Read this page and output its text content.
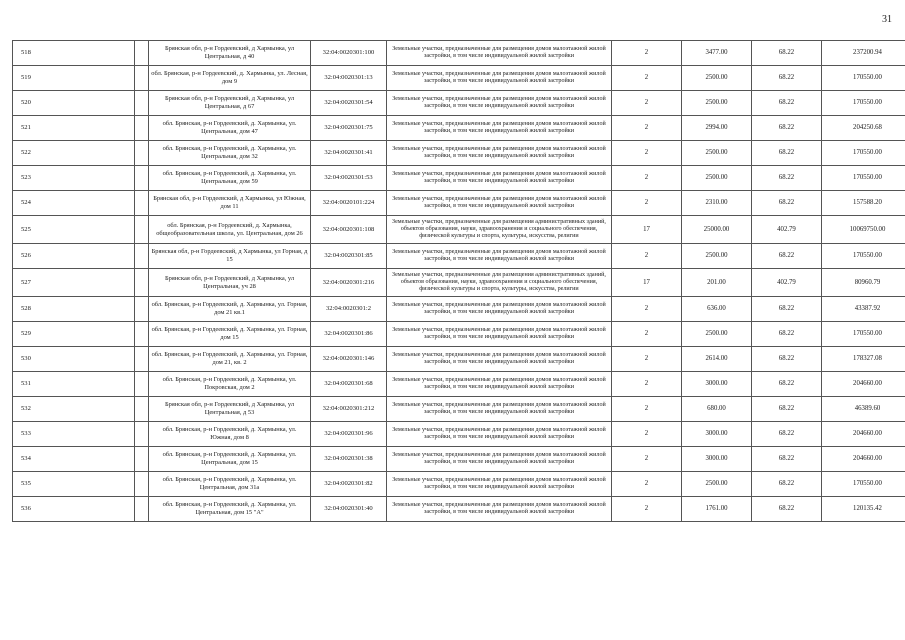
31
518		Брянская обл, р-н Гордеевский, д Хармынка, ул Центральная, д 40	32:04:0020301:100	Земельные участки, предназначенные для размещения домов малоэтажной жилой застройки, в том числе индивидуальной жилой застройки	2	3477.00	68.22	237200.94
519		обл. Брянская, р-н Гордеевский, д. Хармынка, ул. Лесная, дом 9	32:04:0020301:13	Земельные участки, предназначенные для размещения домов малоэтажной жилой застройки, в том числе индивидуальной жилой застройки	2	2500.00	68.22	170550.00
520		Брянская обл, р-н Гордеевский, д Хармынка, ул Центральная, д 67	32:04:0020301:54	Земельные участки, предназначенные для размещения домов малоэтажной жилой застройки, в том числе индивидуальной жилой застройки	2	2500.00	68.22	170550.00
521		обл. Брянская, р-н Гордеевский, д. Хармынка, ул. Центральная, дом 47	32:04:0020301:75	Земельные участки, предназначенные для размещения домов малоэтажной жилой застройки, в том числе индивидуальной жилой застройки	2	2994.00	68.22	204250.68
522		обл. Брянская, р-н Гордеевский, д. Хармынка, ул. Центральная, дом 32	32:04:0020301:41	Земельные участки, предназначенные для размещения домов малоэтажной жилой застройки, в том числе индивидуальной жилой застройки	2	2500.00	68.22	170550.00
523		обл. Брянская, р-н Гордеевский, д. Хармынка, ул. Центральная, дом 59	32:04:0020301:53	Земельные участки, предназначенные для размещения домов малоэтажной жилой застройки, в том числе индивидуальной жилой застройки	2	2500.00	68.22	170550.00
524		Брянская обл, р-н Гордеевский, д Хармынка, ул Южная, дом 11	32:04:0020101:224	Земельные участки, предназначенные для размещения домов малоэтажной жилой застройки, в том числе индивидуальной жилой застройки	2	2310.00	68.22	157588.20
525		обл. Брянская, р-н Гордеевский, д. Хармынка, общеобразовательная школа, ул. Центральная, дом 26	32:04:0020301:108	Земельные участки, предназначенные для размещения административных зданий, объектов образования, науки, здравоохранения и социального обеспечения, физической культуры и спорта, культуры, искусства, религии	17	25000.00	402.79	10069750.00
526		Брянская обл, р-н Гордеевский, д Хармынка, ул Горная, д 15	32:04:0020301:85	Земельные участки, предназначенные для размещения домов малоэтажной жилой застройки, в том числе индивидуальной жилой застройки	2	2500.00	68.22	170550.00
527		Брянская обл, р-н Гордеевский, д Хармынка, ул Центральная, уч 28	32:04:0020301:216	Земельные участки, предназначенные для размещения административных зданий, объектов образования, науки, здравоохранения и социального обеспечения, физической культуры и спорта, культуры, искусства, религии	17	201.00	402.79	80960.79
528		обл. Брянская, р-н Гордеевский, д. Хармынка, ул. Горная, дом 21 кв.1	32:04:0020301:2	Земельные участки, предназначенные для размещения домов малоэтажной жилой застройки, в том числе индивидуальной жилой застройки	2	636.00	68.22	43387.92
529		обл. Брянская, р-н Гордеевский, д. Хармынка, ул. Горная, дом 15	32:04:0020301:86	Земельные участки, предназначенные для размещения домов малоэтажной жилой застройки, в том числе индивидуальной жилой застройки	2	2500.00	68.22	170550.00
530		обл. Брянская, р-н Гордеевский, д. Хармынка, ул. Горная, дом 21, кв. 2	32:04:0020301:146	Земельные участки, предназначенные для размещения домов малоэтажной жилой застройки, в том числе индивидуальной жилой застройки	2	2614.00	68.22	178327.08
531		обл. Брянская, р-н Гордеевский, д. Хармынка, ул. Покровская, дом 2	32:04:0020301:68	Земельные участки, предназначенные для размещения домов малоэтажной жилой застройки, в том числе индивидуальной жилой застройки	2	3000.00	68.22	204660.00
532		Брянская обл, р-н Гордеевский, д Хармынка, ул Центральная, д 53	32:04:0020301:212	Земельные участки, предназначенные для размещения домов малоэтажной жилой застройки, в том числе индивидуальной жилой застройки	2	680.00	68.22	46389.60
533		обл. Брянская, р-н Гордеевский, д. Хармынка, ул. Южная, дом 8	32:04:0020301:96	Земельные участки, предназначенные для размещения домов малоэтажной жилой застройки, в том числе индивидуальной жилой застройки	2	3000.00	68.22	204660.00
534		обл. Брянская, р-н Гордеевский, д. Хармынка, ул. Центральная, дом 15	32:04:0020301:38	Земельные участки, предназначенные для размещения домов малоэтажной жилой застройки, в том числе индивидуальной жилой застройки	2	3000.00	68.22	204660.00
535		обл. Брянская, р-н Гордеевский, д. Хармынка, ул. Центральная, дом 31а	32:04:0020301:82	Земельные участки, предназначенные для размещения домов малоэтажной жилой застройки, в том числе индивидуальной жилой застройки	2	2500.00	68.22	170550.00
536		обл. Брянская, р-н Гордеевский, д. Хармынка, ул. Центральная, дом 15 "А"	32:04:0020301:40	Земельные участки, предназначенные для размещения домов малоэтажной жилой застройки, в том числе индивидуальной жилой застройки	2	1761.00	68.22	120135.42
